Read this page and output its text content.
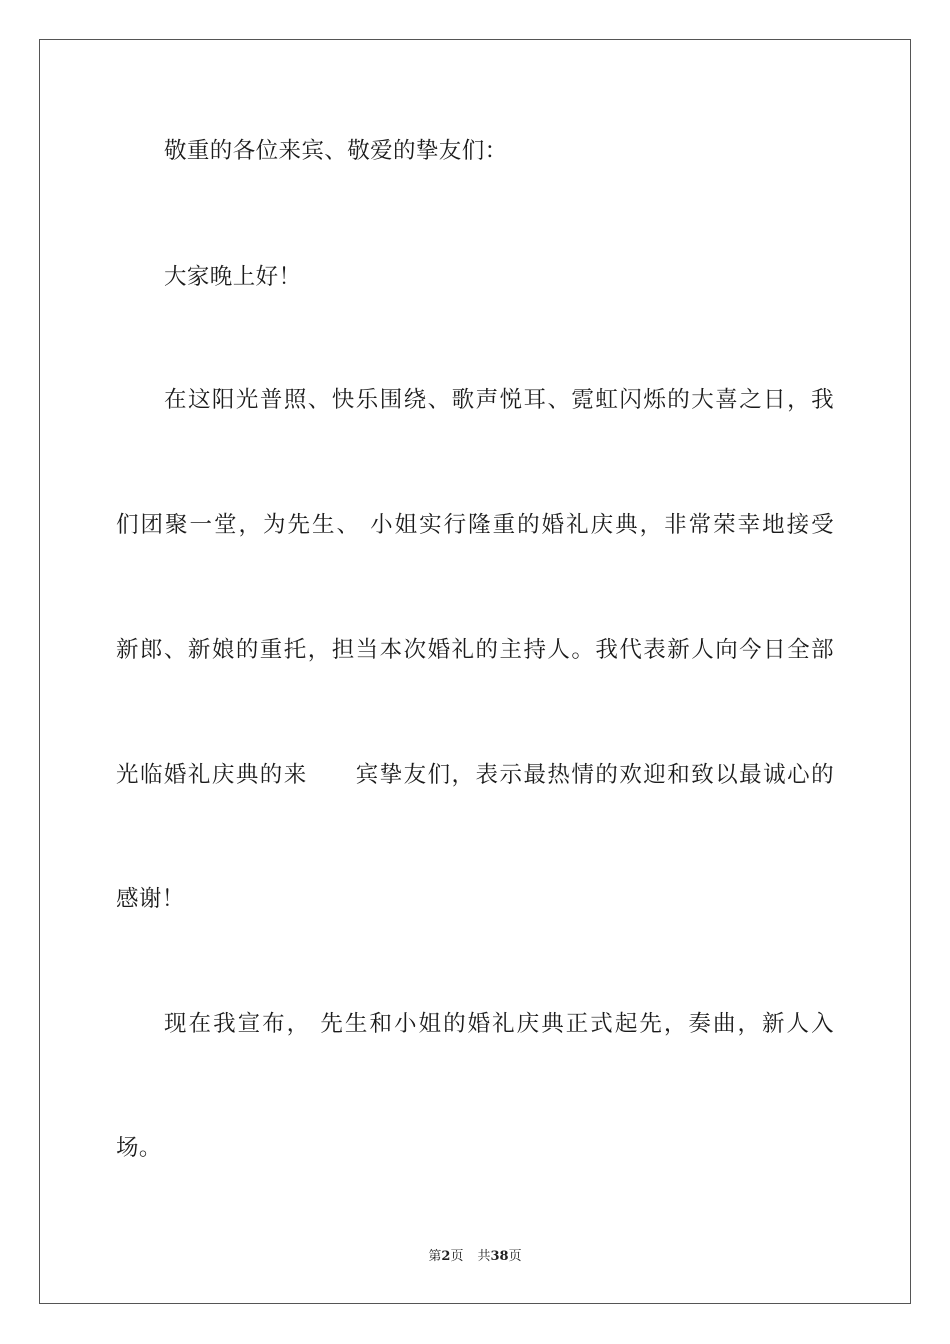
敬重的各位来宾、敬爱的挚友们：
大家晚上好！
在这阳光普照、快乐围绕、歌声悦耳、霓虹闪烁的大喜之日，我
们团聚一堂，为先生、 小姐实行隆重的婚礼庆典，非常荣幸地接受
新郎、新娘的重托，担当本次婚礼的主持人。我代表新人向今日全部
光临婚礼庆典的来　　宾挚友们，表示最热情的欢迎和致以最诚心的
感谢！
现在我宣布， 先生和小姐的婚礼庆典正式起先，奏曲，新人入
场。
第2页 共38页
